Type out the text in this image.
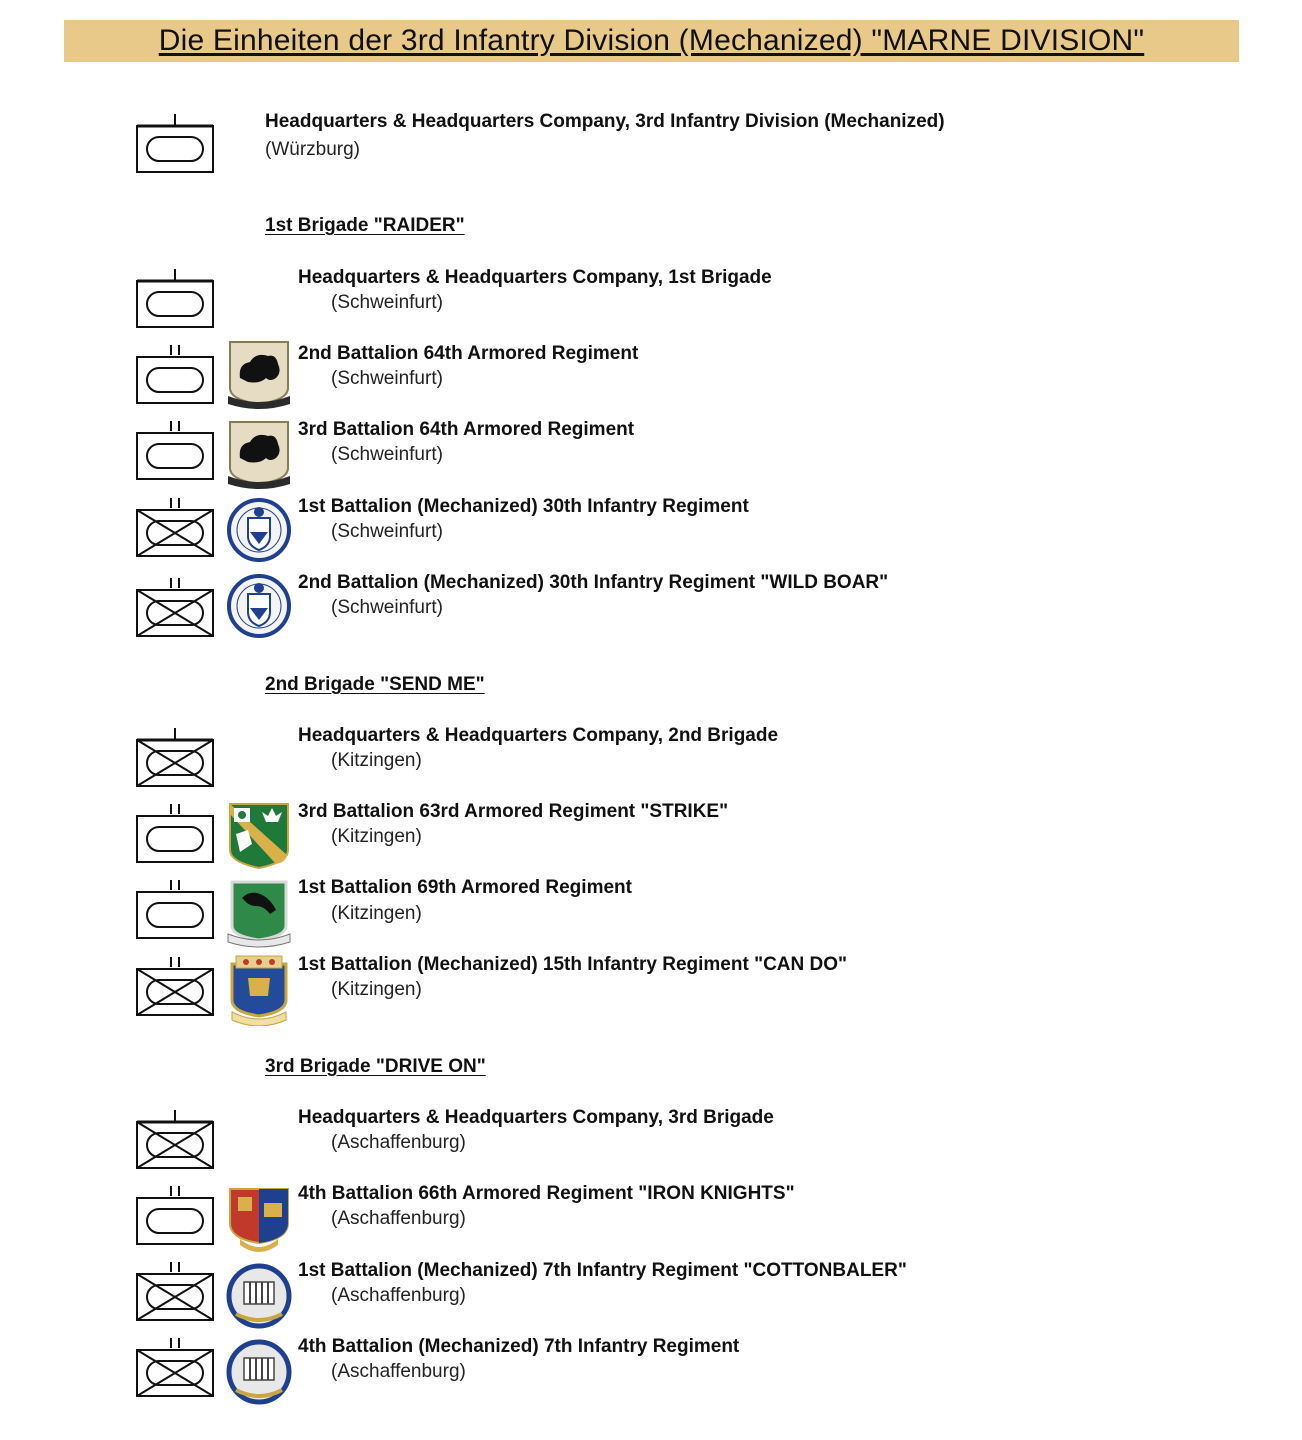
Die Einheiten der 3rd Infantry Division (Mechanized) "MARNE DIVISION"
Headquarters & Headquarters Company, 3rd Infantry Division (Mechanized)
(Würzburg)
1st Brigade "RAIDER"
Headquarters & Headquarters Company, 1st Brigade
(Schweinfurt)
2nd Battalion 64th Armored Regiment
(Schweinfurt)
3rd Battalion 64th Armored Regiment
(Schweinfurt)
1st Battalion (Mechanized) 30th Infantry Regiment
(Schweinfurt)
2nd Battalion (Mechanized) 30th Infantry Regiment "WILD BOAR"
(Schweinfurt)
2nd Brigade "SEND ME"
Headquarters & Headquarters Company, 2nd Brigade
(Kitzingen)
3rd Battalion 63rd Armored Regiment "STRIKE"
(Kitzingen)
1st Battalion 69th Armored Regiment
(Kitzingen)
1st Battalion (Mechanized) 15th Infantry Regiment "CAN DO"
(Kitzingen)
3rd Brigade "DRIVE ON"
Headquarters & Headquarters Company, 3rd Brigade
(Aschaffenburg)
4th Battalion 66th Armored Regiment "IRON KNIGHTS"
(Aschaffenburg)
1st Battalion (Mechanized) 7th Infantry Regiment "COTTONBALER"
(Aschaffenburg)
4th Battalion (Mechanized) 7th Infantry Regiment
(Aschaffenburg)
